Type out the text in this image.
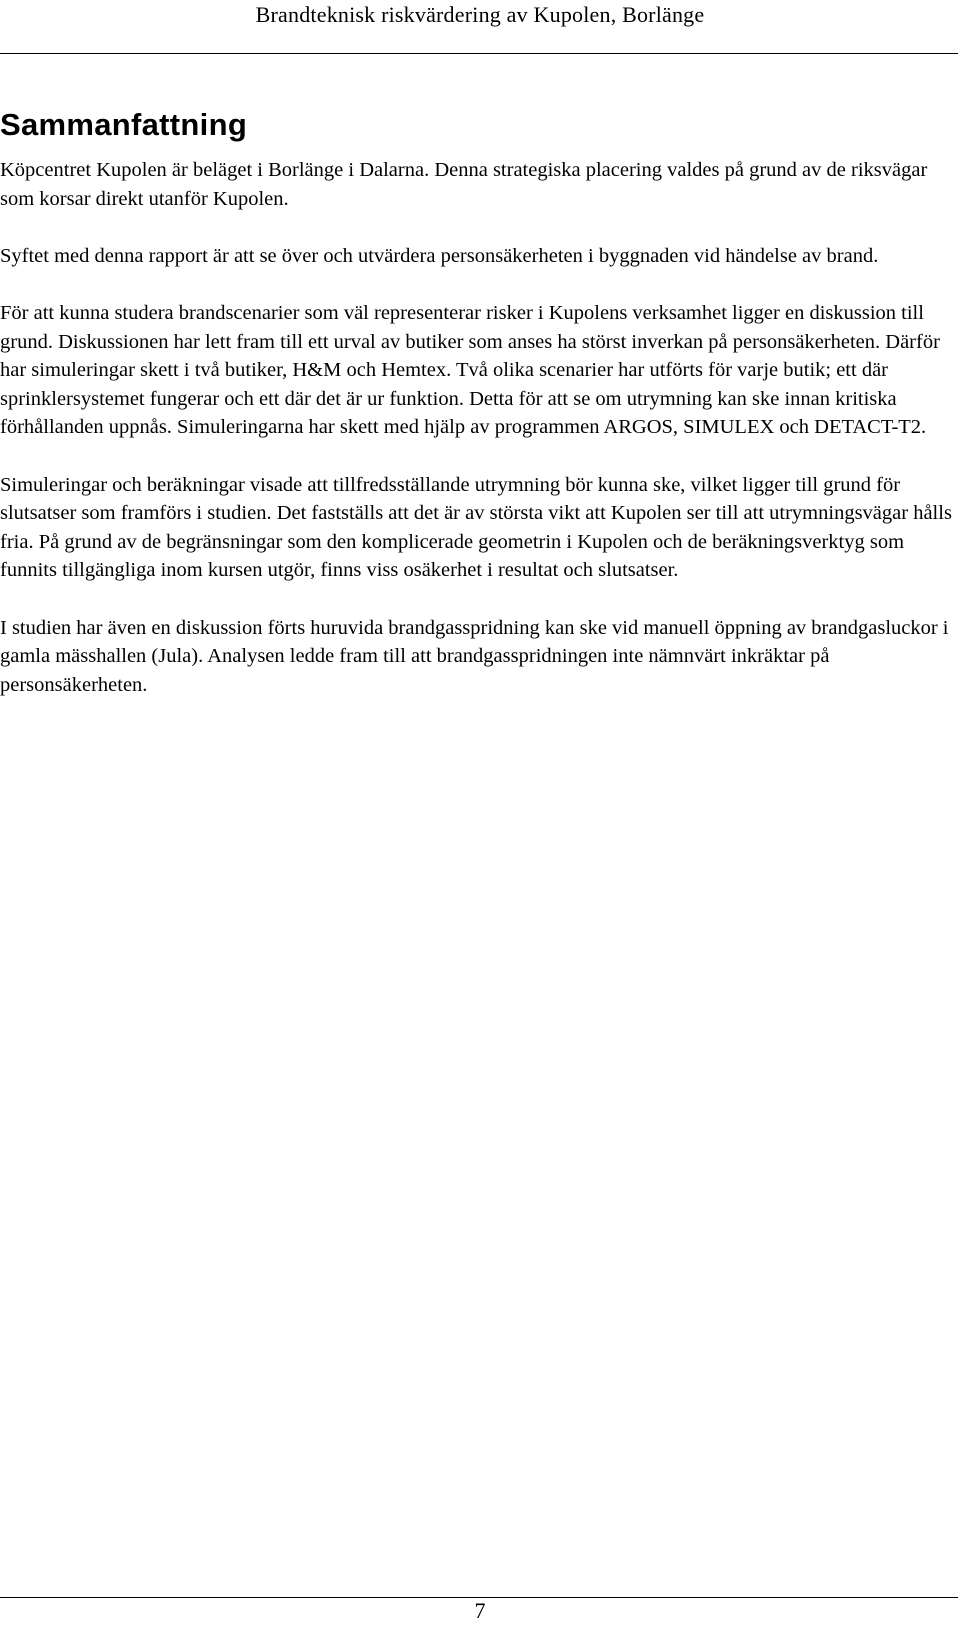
Brandteknisk riskvärdering av Kupolen, Borlänge
Sammanfattning

Köpcentret Kupolen är beläget i Borlänge i Dalarna. Denna strategiska placering valdes på grund av de riksvägar som korsar direkt utanför Kupolen.

Syftet med denna rapport är att se över och utvärdera personsäkerheten i byggnaden vid händelse av brand.

För att kunna studera brandscenarier som väl representerar risker i Kupolens verksamhet ligger en diskussion till grund. Diskussionen har lett fram till ett urval av butiker som anses ha störst inverkan på personsäkerheten. Därför har simuleringar skett i två butiker, H&M och Hemtex. Två olika scenarier har utförts för varje butik; ett där sprinklersystemet fungerar och ett där det är ur funktion. Detta för att se om utrymning kan ske innan kritiska förhållanden uppnås. Simuleringarna har skett med hjälp av programmen ARGOS, SIMULEX och DETACT-T2.

Simuleringar och beräkningar visade att tillfredsställande utrymning bör kunna ske, vilket ligger till grund för slutsatser som framförs i studien. Det fastställs att det är av största vikt att Kupolen ser till att utrymningsvägar hålls fria. På grund av de begränsningar som den komplicerade geometrin i Kupolen och de beräkningsverktyg som funnits tillgängliga inom kursen utgör, finns viss osäkerhet i resultat och slutsatser.

I studien har även en diskussion förts huruvida brandgasspridning kan ske vid manuell öppning av brandgasluckor i gamla mässhallen (Jula). Analysen ledde fram till att brandgasspridningen inte nämnvärt inkräktar på personsäkerheten.

7
